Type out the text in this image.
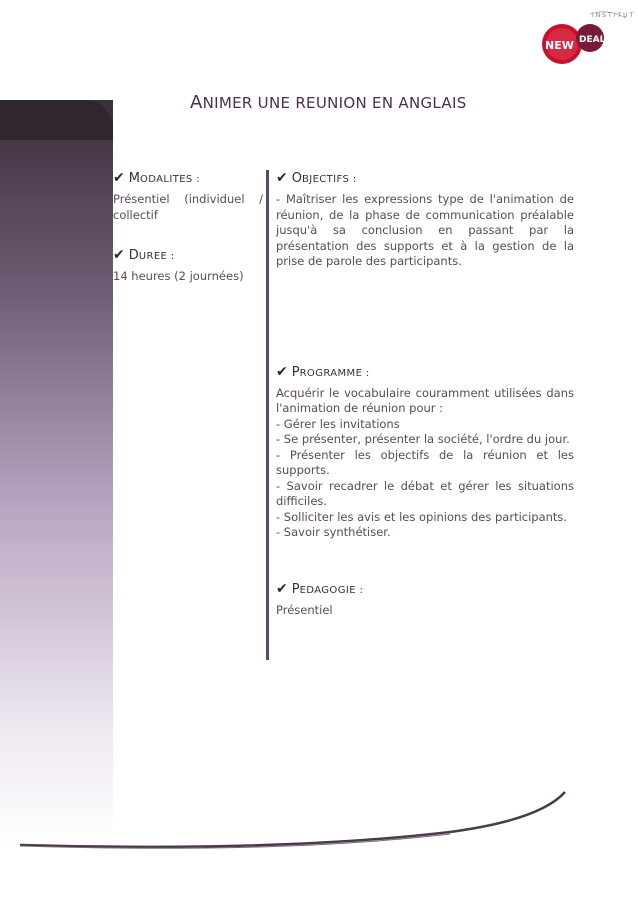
INSTITUT
NEW DEAL
ANIMER UNE REUNION EN ANGLAIS

✔ MODALITES :

Présentiel (individuel / collectif

✔ DUREE :

14 heures (2 journées)

✔ OBJECTIFS :

- Maîtriser les expressions type de l'animation de réunion, de la phase de communication préalable jusqu'à sa conclusion en passant par la présentation des supports et à la gestion de la prise de parole des participants.

✔ PROGRAMME :

Acquérir le vocabulaire couramment utilisées dans l'animation de réunion pour :
- Gérer les invitations
- Se présenter, présenter la société, l'ordre du jour.
- Présenter les objectifs de la réunion et les supports.
- Savoir recadrer le débat et gérer les situations difficiles.
- Solliciter les avis et les opinions des participants.
- Savoir synthétiser.

✔ PEDAGOGIE :

Présentiel
